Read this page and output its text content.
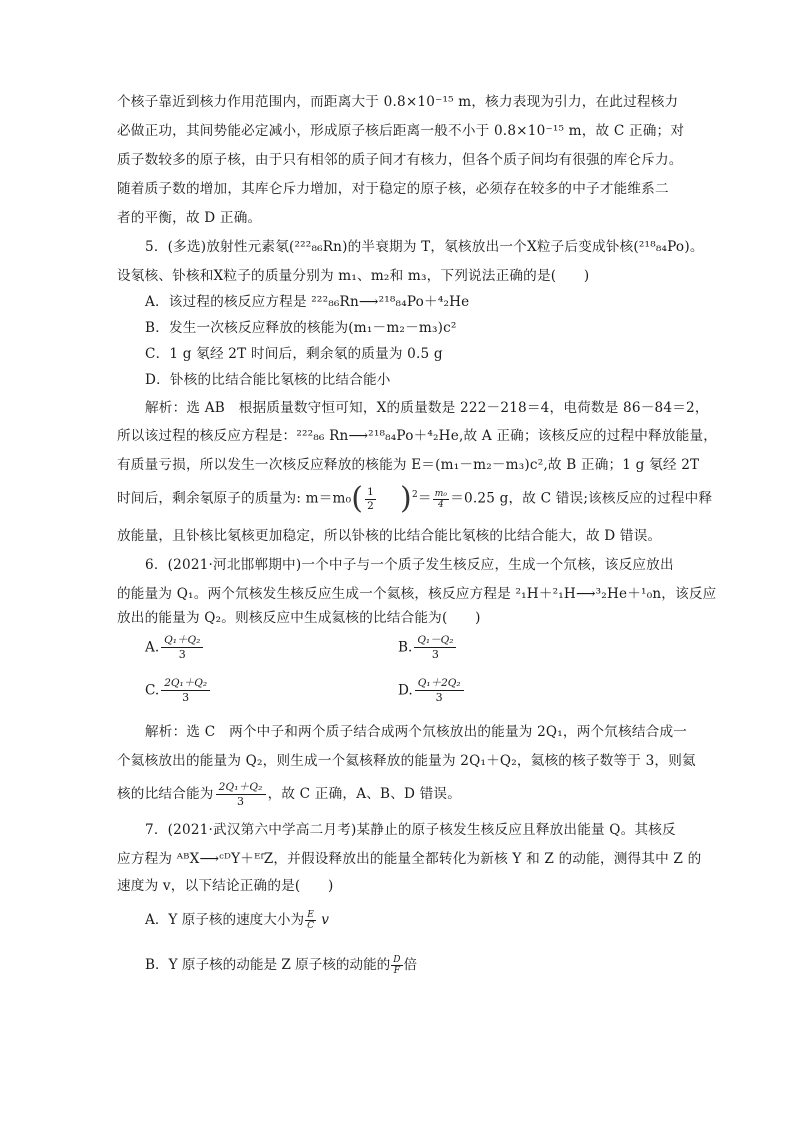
个核子靠近到核力作用范围内，而距离大于 0.8×10⁻¹⁵ m，核力表现为引力，在此过程核力
必做正功，其间势能必定减小，形成原子核后距离一般不小于 0.8×10⁻¹⁵ m，故 C 正确；对
质子数较多的原子核，由于只有相邻的质子间才有核力，但各个质子间均有很强的库仑斥力。
随着质子数的增加，其库仑斥力增加，对于稳定的原子核，必须存在较多的中子才能维系二
者的平衡，故 D 正确。
5．(多选)放射性元素氡(²²²₈₆Rn)的半衰期为 T，氡核放出一个X粒子后变成钋核(²¹⁸₈₄Po)。
设氡核、钋核和X粒子的质量分别为 m₁、m₂和 m₃，下列说法正确的是(　　)
A．该过程的核反应方程是 ²²²₈₆Rn⟶²¹⁸₈₄Po＋⁴₂He
B．发生一次核反应释放的核能为(m₁－m₂－m₃)c²
C．1 g 氡经 2T 时间后，剩余氡的质量为 0.5 g
D．钋核的比结合能比氡核的比结合能小
解析：选 AB　根据质量数守恒可知，X的质量数是 222－218＝4，电荷数是 86－84＝2，
所以该过程的核反应方程是：²²²₈₆ Rn⟶²¹⁸₈₄Po＋⁴₂He,故 A 正确；该核反应的过程中释放能量，
有质量亏损，所以发生一次核反应释放的核能为 E＝(m₁－m₂－m₃)c²,故 B 正确；1 g 氡经 2T
时间后，剩余氡原子的质量为: $m=m_0( \frac{1}{2} )^2= \frac{\text{m₀}}{4} =0.25$ g，故 C 错误;该核反应的过程中释
放能量，且钋核比氡核更加稳定，所以钋核的比结合能比氡核的比结合能大，故 D 错误。
6．(2021·河北邯郸期中)一个中子与一个质子发生核反应，生成一个氘核，该反应放出
的能量为 Q₁。两个氘核发生核反应生成一个氦核，核反应方程是 ²₁H＋²₁H⟶³₂He＋¹₀n，该反应
放出的能量为 Q₂。则核反应中生成氦核的比结合能为(　　)
A. $\frac{\text{Q₁＋Q₂}}{3}$	B. $\frac{\text{Q₁－Q₂}}{3}$
C. $\frac{\text{2Q₁＋Q₂}}{3}$	D. $\frac{\text{Q₁＋2Q₂}}{3}$
解析：选 C　两个中子和两个质子结合成两个氘核放出的能量为 2Q₁，两个氘核结合成一
个氦核放出的能量为 Q₂，则生成一个氦核释放的能量为 2Q₁＋Q₂，氦核的核子数等于 3，则氦
核的比结合能为 $\frac{\text{2Q₁＋Q₂}}{3}$ ，故 C 正确，A、B、D 错误。
7．(2021·武汉第六中学高二月考)某静止的原子核发生核反应且释放出能量 Q。其核反
应方程为 ᴬᴮX⟶ᶜᴰY＋ᴱᶠZ，并假设释放出的能量全都转化为新核 Y 和 Z 的动能，测得其中 Z 的
速度为 v，以下结论正确的是(　　)
A．Y 原子核的速度大小为 $\frac{E}{C}$ v
B．Y 原子核的动能是 Z 原子核的动能的 $\frac{D}{F}$ 倍
